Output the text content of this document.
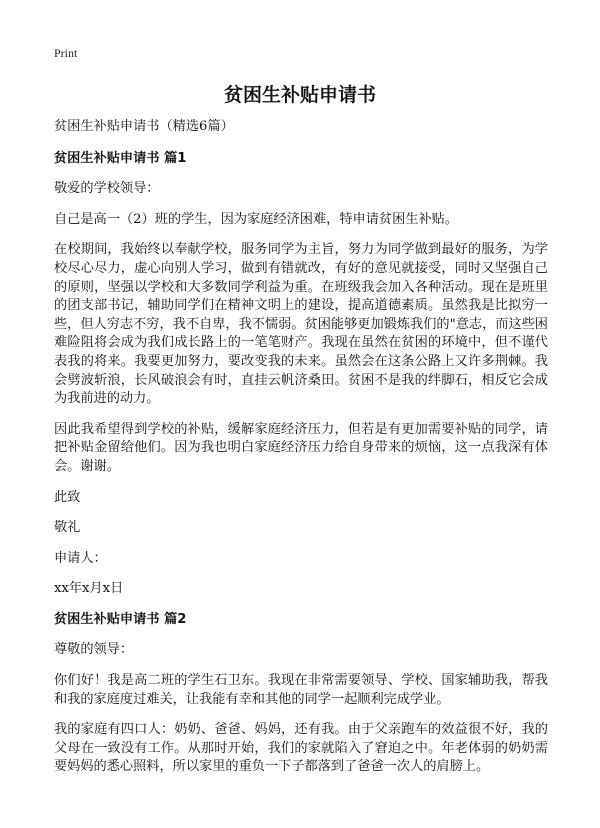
Print
贫困生补贴申请书

贫困生补贴申请书（精选6篇）

贫困生补贴申请书 篇1

敬爱的学校领导：

自己是高一（2）班的学生，因为家庭经济困难，特申请贫困生补贴。

在校期间，我始终以奉献学校，服务同学为主旨，努力为同学做到最好的服务，为学校尽心尽力，虚心向别人学习，做到有错就改，有好的意见就接受，同时又坚强自己的原则，坚强以学校和大多数同学利益为重。在班级我会加入各种活动。现在是班里的团支部书记，辅助同学们在精神文明上的建设，提高道德素质。虽然我是比拟穷一些，但人穷志不穷，我不自卑，我不懦弱。贫困能够更加锻炼我们的"意志，而这些困难险阻将会成为我们成长路上的一笔笔财产。我现在虽然在贫困的环境中，但不谨代表我的将来。我要更加努力，要改变我的未来。虽然会在这条公路上又许多荆棘。我会劈波斩浪，长风破浪会有时，直挂云帆济桑田。贫困不是我的绊脚石，相反它会成为我前进的动力。

因此我希望得到学校的补贴，缓解家庭经济压力，但若是有更加需要补贴的同学，请把补贴金留给他们。因为我也明白家庭经济压力给自身带来的烦恼，这一点我深有体会。谢谢。

此致

敬礼

申请人：

xx年x月x日

贫困生补贴申请书 篇2

尊敬的领导：

你们好！我是高二班的学生石卫东。我现在非常需要领导、学校、国家辅助我，帮我和我的家庭度过难关，让我能有幸和其他的同学一起顺利完成学业。

我的家庭有四口人：奶奶、爸爸、妈妈，还有我。由于父亲跑车的效益很不好，我的父母在一致没有工作。从那时开始，我们的家就陷入了窘迫之中。年老体弱的奶奶需要妈妈的悉心照料，所以家里的重负一下子都落到了爸爸一次人的肩膀上。
